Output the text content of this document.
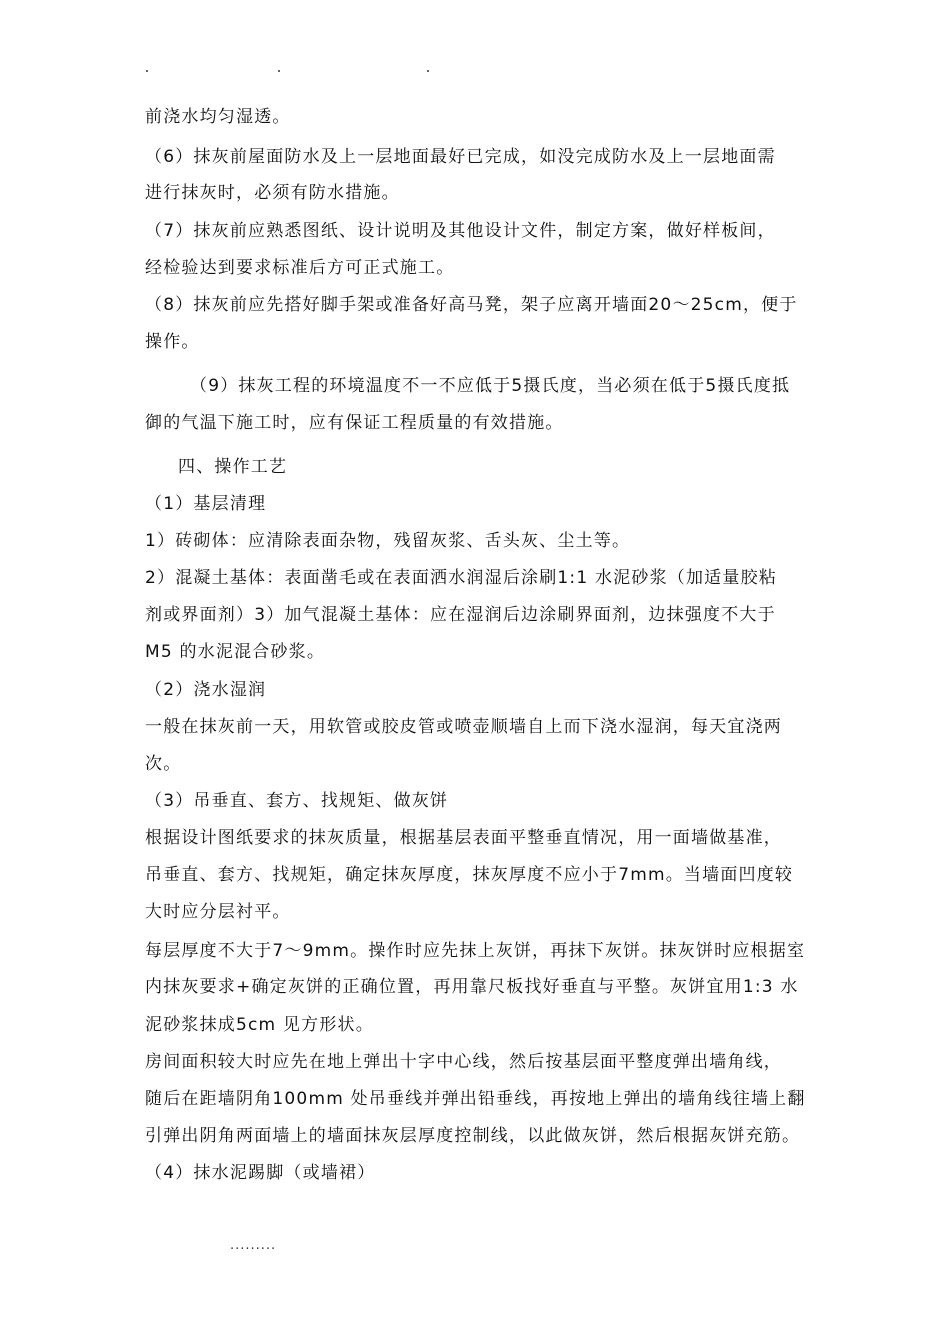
前浇水均匀湿透。
（6）抹灰前屋面防水及上一层地面最好已完成，如没完成防水及上一层地面需
进行抹灰时，必须有防水措施。
（7）抹灰前应熟悉图纸、设计说明及其他设计文件，制定方案，做好样板间，
经检验达到要求标准后方可正式施工。
（8）抹灰前应先搭好脚手架或准备好高马凳，架子应离开墙面20～25cm，便于
操作。
（9）抹灰工程的环境温度不一不应低于5摄氏度，当必须在低于5摄氏度抵
御的气温下施工时，应有保证工程质量的有效措施。
四、操作工艺
（1）基层清理
1）砖砌体：应清除表面杂物，残留灰浆、舌头灰、尘土等。
2）混凝土基体：表面凿毛或在表面洒水润湿后涂刷1:1 水泥砂浆（加适量胶粘
剂或界面剂）3）加气混凝土基体：应在湿润后边涂刷界面剂，边抹强度不大于
M5 的水泥混合砂浆。
（2）浇水湿润
一般在抹灰前一天，用软管或胶皮管或喷壶顺墙自上而下浇水湿润，每天宜浇两
次。
（3）吊垂直、套方、找规矩、做灰饼
根据设计图纸要求的抹灰质量，根据基层表面平整垂直情况，用一面墙做基准，
吊垂直、套方、找规矩，确定抹灰厚度，抹灰厚度不应小于7mm。当墙面凹度较
大时应分层衬平。
每层厚度不大于7～9mm。操作时应先抹上灰饼，再抹下灰饼。抹灰饼时应根据室
内抹灰要求+确定灰饼的正确位置，再用靠尺板找好垂直与平整。灰饼宜用1:3 水
泥砂浆抹成5cm 见方形状。
房间面积较大时应先在地上弹出十字中心线，然后按基层面平整度弹出墙角线，
随后在距墙阴角100mm 处吊垂线并弹出铅垂线，再按地上弹出的墙角线往墙上翻
引弹出阴角两面墙上的墙面抹灰层厚度控制线，以此做灰饼，然后根据灰饼充筋。
（4）抹水泥踢脚（或墙裙）
.........
